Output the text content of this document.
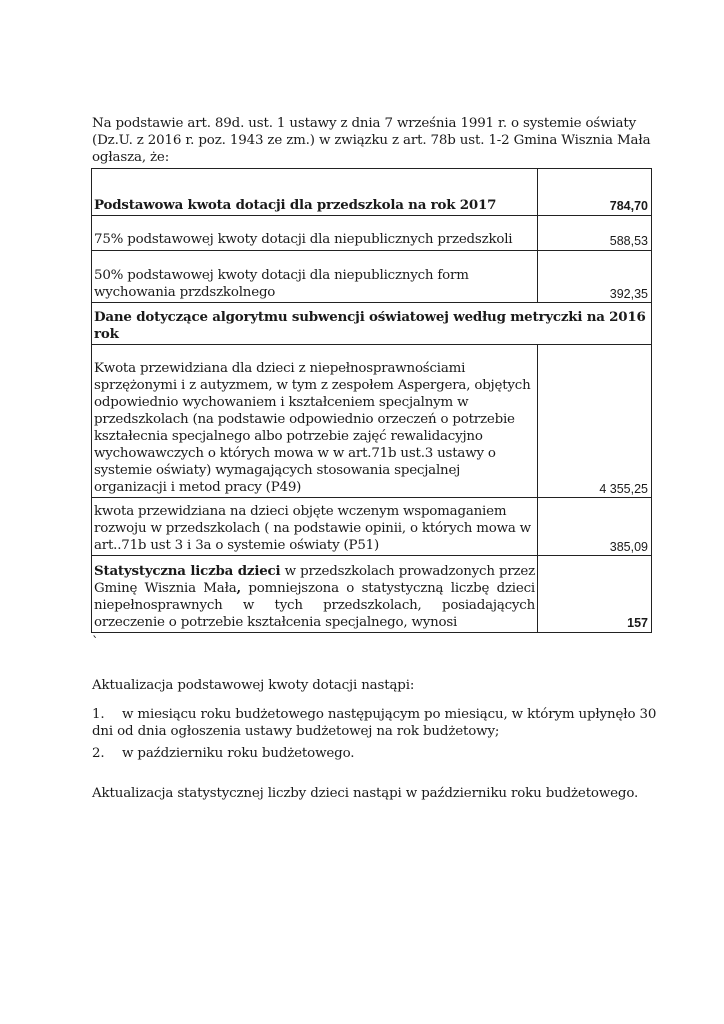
Na podstawie art. 89d. ust. 1 ustawy z dnia 7 września 1991 r. o systemie oświaty (Dz.U. z 2016 r. poz. 1943 ze zm.) w związku z art. 78b ust. 1-2 Gmina Wisznia Mała ogłasza, że:
Podstawowa kwota dotacji dla przedszkola na rok 2017	784,70
75% podstawowej kwoty dotacji dla niepublicznych przedszkoli	588,53
50% podstawowej kwoty dotacji dla niepublicznych form wychowania przdszkolnego	392,35
Dane dotyczące algorytmu subwencji oświatowej według metryczki na 2016 rok	
Kwota przewidziana dla dzieci z niepełnosprawnościami sprzężonymi i z autyzmem, w tym z zespołem Aspergera, objętych odpowiednio wychowaniem i kształceniem specjalnym w przedszkolach (na podstawie odpowiednio orzeczeń o potrzebie kształecnia specjalnego albo potrzebie zajęć rewalidacyjno wychowawczych o których mowa w w art.71b ust.3 ustawy o systemie oświaty) wymagających stosowania specjalnej organizacji i metod pracy (P49)	4 355,25
kwota przewidziana na dzieci objęte wczenym wspomaganiem rozwoju w przedszkolach ( na podstawie opinii, o których mowa w art..71b ust 3 i 3a o systemie oświaty (P51)	385,09
Statystyczna liczba dzieci w przedszkolach prowadzonych przez Gminę Wisznia Mała, pomniejszona o statystyczną liczbę dzieci niepełnosprawnych w tych przedszkolach, posiadających orzeczenie o potrzebie kształcenia specjalnego, wynosi	157
`
Aktualizacja podstawowej kwoty dotacji nastąpi:
1. w miesiącu roku budżetowego następującym po miesiącu, w którym upłynęło 30 dni od dnia ogłoszenia ustawy budżetowej na rok budżetowy;
2. w październiku roku budżetowego.
Aktualizacja statystycznej liczby dzieci nastąpi w październiku roku budżetowego.
